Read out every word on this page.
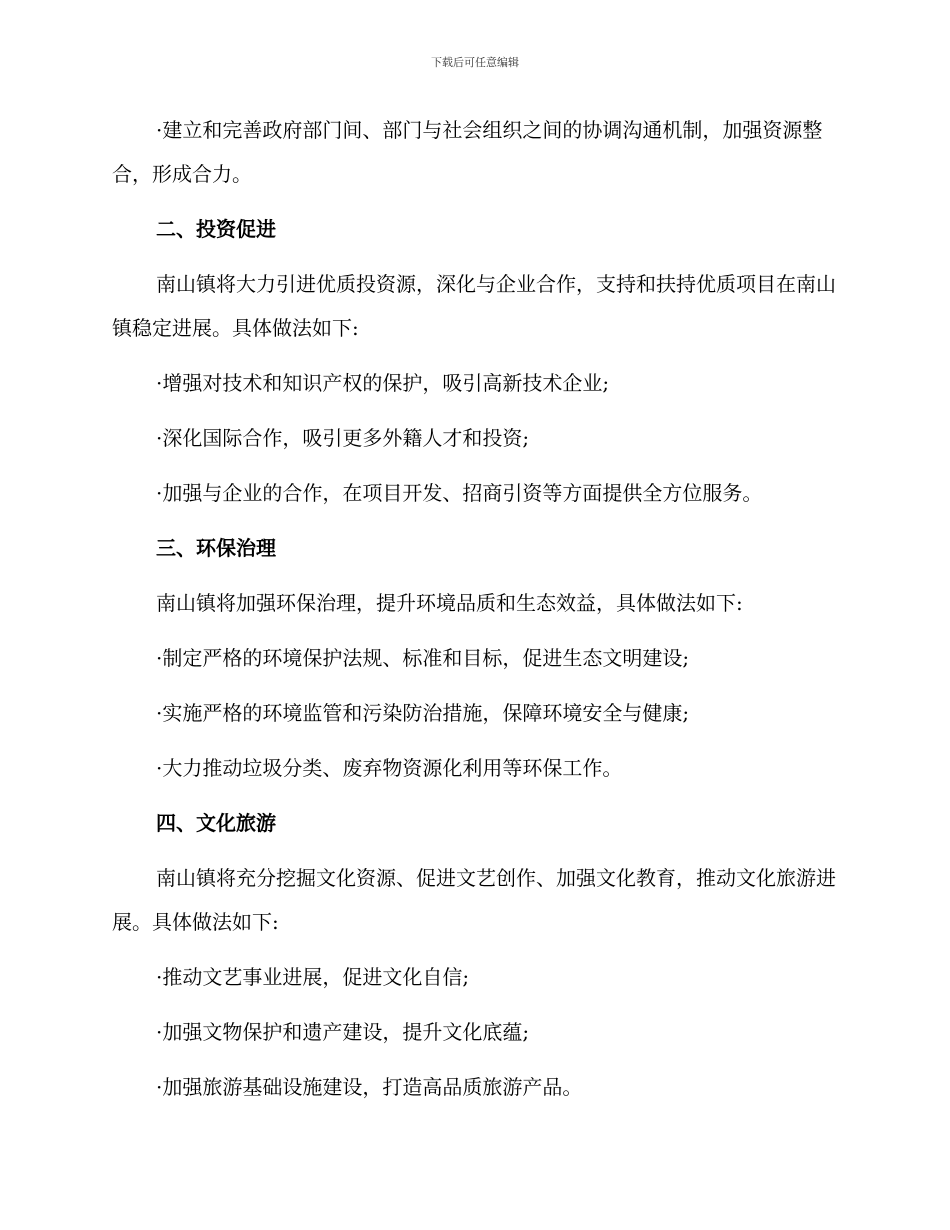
下载后可任意编辑

·建立和完善政府部门间、部门与社会组织之间的协调沟通机制，加强资源整合，形成合力。

二、投资促进

南山镇将大力引进优质投资源，深化与企业合作，支持和扶持优质项目在南山镇稳定进展。具体做法如下:

·增强对技术和知识产权的保护，吸引高新技术企业;

·深化国际合作，吸引更多外籍人才和投资;

·加强与企业的合作，在项目开发、招商引资等方面提供全方位服务。

三、环保治理

南山镇将加强环保治理，提升环境品质和生态效益，具体做法如下:

·制定严格的环境保护法规、标准和目标，促进生态文明建设;

·实施严格的环境监管和污染防治措施，保障环境安全与健康;

·大力推动垃圾分类、废弃物资源化利用等环保工作。

四、文化旅游

南山镇将充分挖掘文化资源、促进文艺创作、加强文化教育，推动文化旅游进展。具体做法如下:

·推动文艺事业进展，促进文化自信;

·加强文物保护和遗产建设，提升文化底蕴;

·加强旅游基础设施建设，打造高品质旅游产品。
